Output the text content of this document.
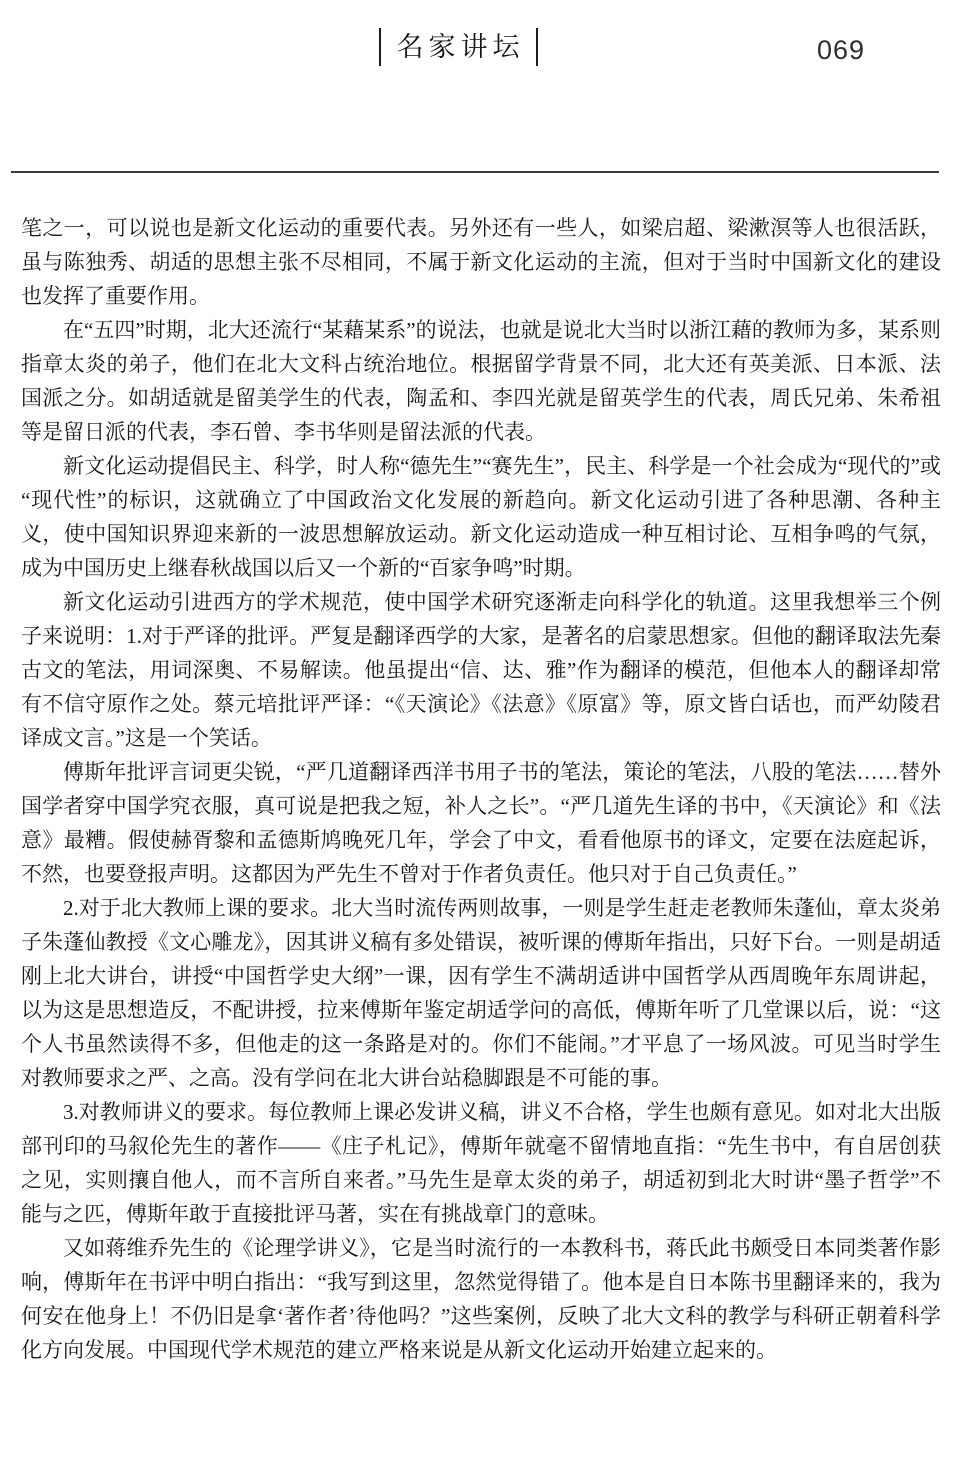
名家讲坛	069

笔之一，可以说也是新文化运动的重要代表。另外还有一些人，如梁启超、梁漱溟等人也很活跃，虽与陈独秀、胡适的思想主张不尽相同，不属于新文化运动的主流，但对于当时中国新文化的建设也发挥了重要作用。

在“五四”时期，北大还流行“某藉某系”的说法，也就是说北大当时以浙江藉的教师为多，某系则指章太炎的弟子，他们在北大文科占统治地位。根据留学背景不同，北大还有英美派、日本派、法国派之分。如胡适就是留美学生的代表，陶孟和、李四光就是留英学生的代表，周氏兄弟、朱希祖等是留日派的代表，李石曾、李书华则是留法派的代表。

新文化运动提倡民主、科学，时人称“德先生”“赛先生”，民主、科学是一个社会成为“现代的”或“现代性”的标识，这就确立了中国政治文化发展的新趋向。新文化运动引进了各种思潮、各种主义，使中国知识界迎来新的一波思想解放运动。新文化运动造成一种互相讨论、互相争鸣的气氛，成为中国历史上继春秋战国以后又一个新的“百家争鸣”时期。

新文化运动引进西方的学术规范，使中国学术研究逐渐走向科学化的轨道。这里我想举三个例子来说明：1.对于严译的批评。严复是翻译西学的大家，是著名的启蒙思想家。但他的翻译取法先秦古文的笔法，用词深奥、不易解读。他虽提出“信、达、雅”作为翻译的模范，但他本人的翻译却常有不信守原作之处。蔡元培批评严译：“《天演论》《法意》《原富》等，原文皆白话也，而严幼陵君译成文言。”这是一个笑话。

傅斯年批评言词更尖锐，“严几道翻译西洋书用子书的笔法，策论的笔法，八股的笔法……替外国学者穿中国学究衣服，真可说是把我之短，补人之长”。“严几道先生译的书中，《天演论》和《法意》最糟。假使赫胥黎和孟德斯鸠晚死几年，学会了中文，看看他原书的译文，定要在法庭起诉，不然，也要登报声明。这都因为严先生不曾对于作者负责任。他只对于自己负责任。”

2.对于北大教师上课的要求。北大当时流传两则故事，一则是学生赶走老教师朱蓬仙，章太炎弟子朱蓬仙教授《文心雕龙》，因其讲义稿有多处错误，被听课的傅斯年指出，只好下台。一则是胡适刚上北大讲台，讲授“中国哲学史大纲”一课，因有学生不满胡适讲中国哲学从西周晚年东周讲起，以为这是思想造反，不配讲授，拉来傅斯年鉴定胡适学问的高低，傅斯年听了几堂课以后，说：“这个人书虽然读得不多，但他走的这一条路是对的。你们不能闹。”才平息了一场风波。可见当时学生对教师要求之严、之高。没有学问在北大讲台站稳脚跟是不可能的事。

3.对教师讲义的要求。每位教师上课必发讲义稿，讲义不合格，学生也颇有意见。如对北大出版部刊印的马叙伦先生的著作——《庄子札记》，傅斯年就毫不留情地直指：“先生书中，有自居创获之见，实则攘自他人，而不言所自来者。”马先生是章太炎的弟子，胡适初到北大时讲“墨子哲学”不能与之匹，傅斯年敢于直接批评马著，实在有挑战章门的意味。

又如蒋维乔先生的《论理学讲义》，它是当时流行的一本教科书，蒋氏此书颇受日本同类著作影响，傅斯年在书评中明白指出：“我写到这里，忽然觉得错了。他本是自日本陈书里翻译来的，我为何安在他身上！不仍旧是拿‘著作者’待他吗？”这些案例，反映了北大文科的教学与科研正朝着科学化方向发展。中国现代学术规范的建立严格来说是从新文化运动开始建立起来的。
